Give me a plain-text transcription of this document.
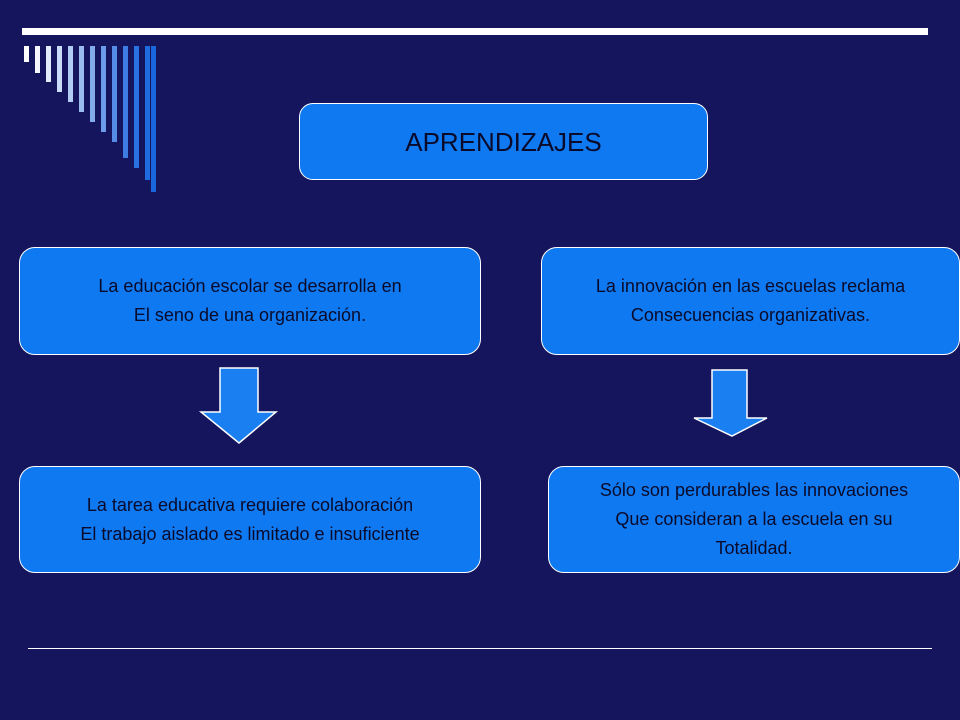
APRENDIZAJES
La educación escolar se desarrolla en
El seno de una organización.
La innovación en las escuelas reclama
Consecuencias organizativas.
La tarea educativa requiere colaboración
El trabajo aislado es limitado e insuficiente
Sólo son perdurables las innovaciones
Que consideran a la escuela en su
Totalidad.
